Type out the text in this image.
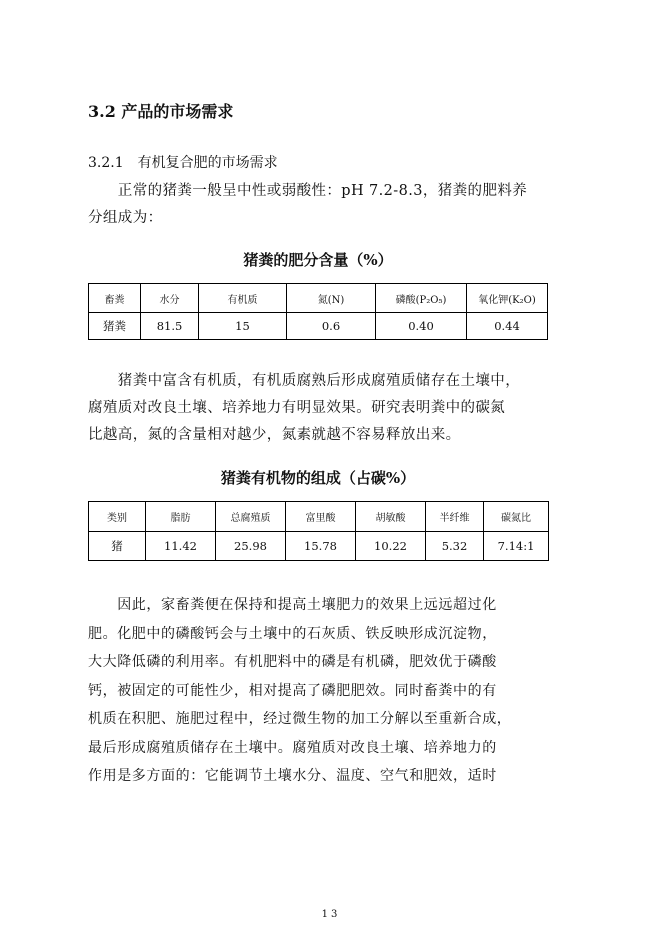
3.2 产品的市场需求
3.2.1　有机复合肥的市场需求
　　正常的猪粪一般呈中性或弱酸性：pH 7.2-8.3，猪粪的肥料养
分组成为：
猪粪的肥分含量（%）
畜粪	水分	有机质	氮(N)	磷酸(P₂O₅)	氧化钾(K₂O)
猪粪	81.5	15	0.6	0.40	0.44
　　猪粪中富含有机质，有机质腐熟后形成腐殖质储存在土壤中，
腐殖质对改良土壤、培养地力有明显效果。研究表明粪中的碳氮
比越高，氮的含量相对越少，氮素就越不容易释放出来。
猪粪有机物的组成（占碳%）
类别	脂肪	总腐殖质	富里酸	胡敏酸	半纤维	碳氮比
猪	11.42	25.98	15.78	10.22	5.32	7.14:1
　　因此，家畜粪便在保持和提高土壤肥力的效果上远远超过化
肥。化肥中的磷酸钙会与土壤中的石灰质、铁反映形成沉淀物，
大大降低磷的利用率。有机肥料中的磷是有机磷，肥效优于磷酸
钙，被固定的可能性少，相对提高了磷肥肥效。同时畜粪中的有
机质在积肥、施肥过程中，经过微生物的加工分解以至重新合成，
最后形成腐殖质储存在土壤中。腐殖质对改良土壤、培养地力的
作用是多方面的：它能调节土壤水分、温度、空气和肥效，适时
13
